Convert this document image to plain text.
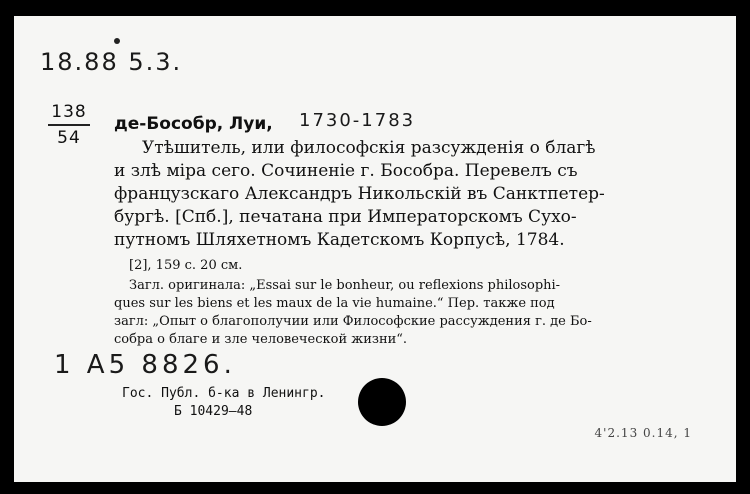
18.88 5.3.
138
54
де-Бособр, Луи, 1730-1783
Утѣшитель, или философскія разсужденія о благѣ
и злѣ міра сего. Сочиненіе г. Бособра. Перевелъ съ
французскаго Александръ Никольскій въ Санктпетер-
бургѣ. [Спб.], печатана при Императорскомъ Сухо-
путномъ Шляхетномъ Кадетскомъ Корпусѣ, 1784.
[2], 159 с. 20 см.
Загл. оригинала: „Essai sur le bonheur, ou reflexions philosophi-
ques sur les biens et les maux de la vie humaine.“ Пер. также под
загл: „Опыт о благополучии или Философские рассуждения г. де Бо-
собра о благе и зле человеческой жизни“.
1 А5 8826.
Гос. Публ. б-ка в Ленингр.
Б 10429—48
4'2.13 0.14, 1
